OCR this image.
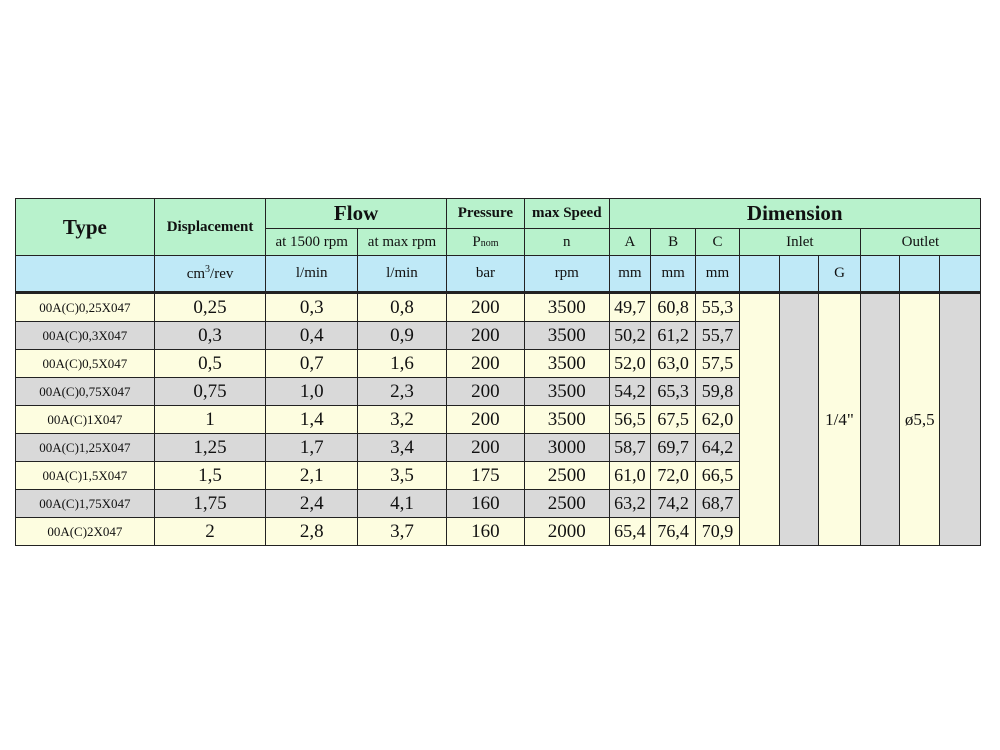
Type	Displacement	Flow		Pressure	max Speed	Dimension								
		at 1500 rpm	at max rpm	Pnom	n	A	B	C	Inlet			Outlet		
	$cm^3$/rev	l/min	l/min	bar	rpm	mm	mm	mm			G			
00A(C)0,25X047	0,25	0,3	0,8	200	3500	49,7	60,8	55,3			1/4"		ø5,5	
00A(C)0,3X047	0,3	0,4	0,9	200	3500	50,2	61,2	55,7						
00A(C)0,5X047	0,5	0,7	1,6	200	3500	52,0	63,0	57,5						
00A(C)0,75X047	0,75	1,0	2,3	200	3500	54,2	65,3	59,8						
00A(C)1X047	1	1,4	3,2	200	3500	56,5	67,5	62,0						
00A(C)1,25X047	1,25	1,7	3,4	200	3000	58,7	69,7	64,2						
00A(C)1,5X047	1,5	2,1	3,5	175	2500	61,0	72,0	66,5						
00A(C)1,75X047	1,75	2,4	4,1	160	2500	63,2	74,2	68,7						
00A(C)2X047	2	2,8	3,7	160	2000	65,4	76,4	70,9						
